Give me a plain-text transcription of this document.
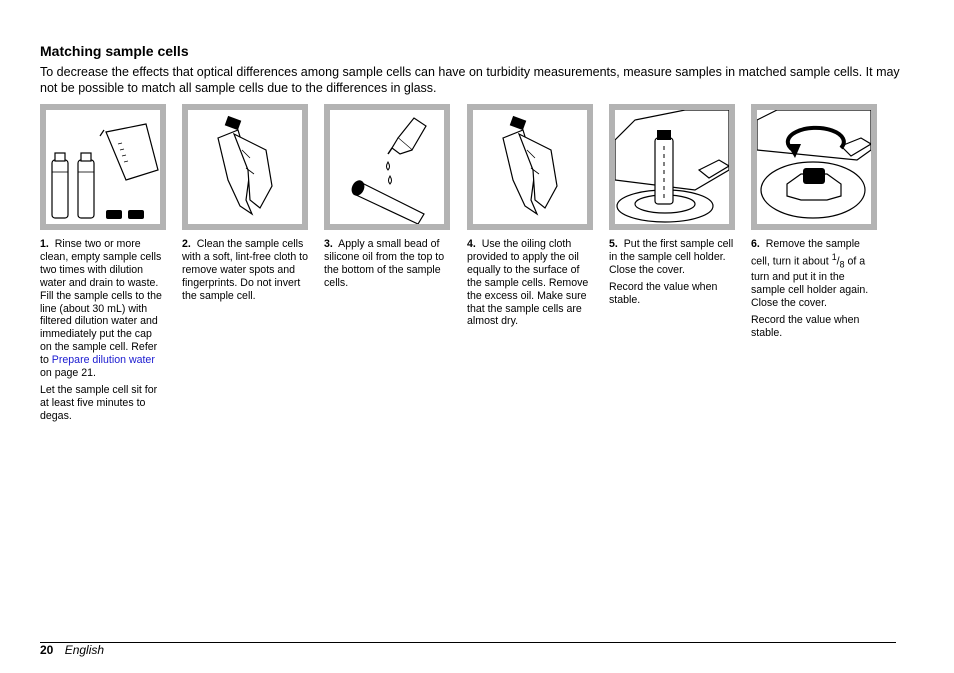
Matching sample cells

To decrease the effects that optical differences among sample cells can have on turbidity measurements, measure samples in matched sample cells. It may not be possible to match all sample cells due to the differences in glass.

1. Rinse two or more clean, empty sample cells two times with dilution water and drain to waste. Fill the sample cells to the line (about 30 mL) with filtered dilution water and immediately put the cap on the sample cell. Refer to Prepare dilution water
on page 21.

Let the sample cell sit for at least five minutes to degas.

2. Clean the sample cells with a soft, lint-free cloth to remove water spots and fingerprints. Do not invert the sample cell.

3. Apply a small bead of silicone oil from the top to the bottom of the sample cells.

4. Use the oiling cloth provided to apply the oil equally to the surface of the sample cells. Remove the excess oil. Make sure that the sample cells are almost dry.

5. Put the first sample cell in the sample cell holder. Close the cover.

Record the value when stable.

6. Remove the sample cell, turn it about $^1/_8$ of a turn and put it in the sample cell holder again. Close the cover.

Record the value when stable.

20 English
